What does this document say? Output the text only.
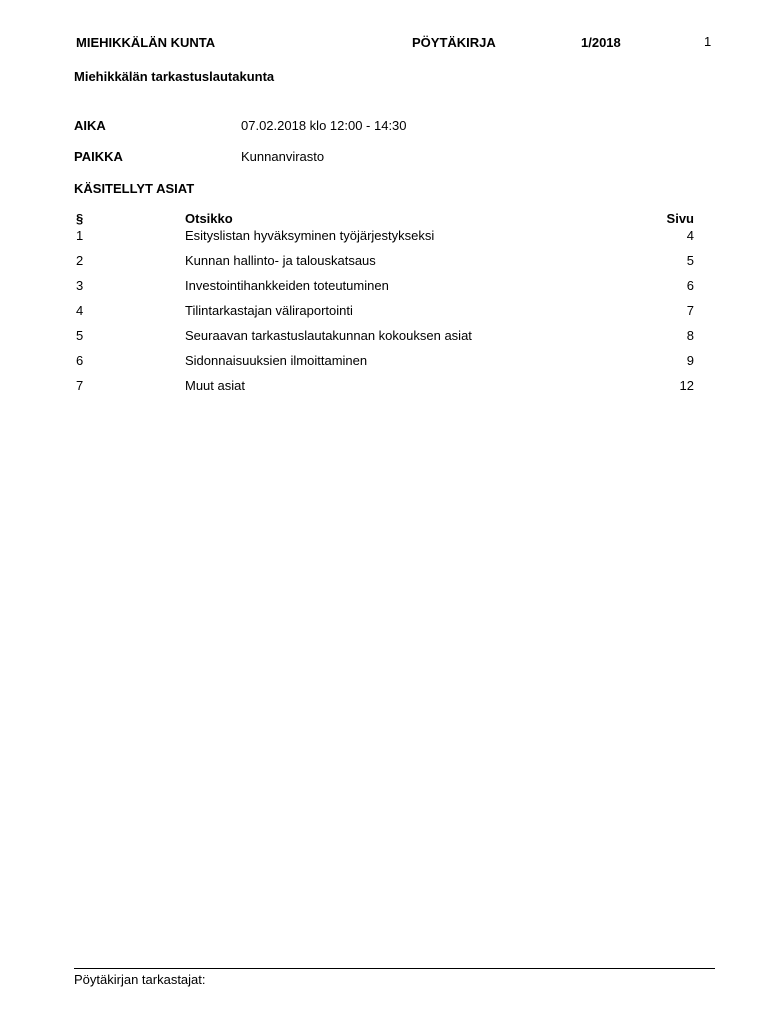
MIEHIKKÄLÄN KUNTA	PÖYTÄKIRJA	1/2018	1
Miehikkälän tarkastuslautakunta
AIKA	07.02.2018 klo 12:00 - 14:30
PAIKKA	Kunnanvirasto
KÄSITELLYT ASIAT
§	Otsikko	Sivu
1	Esityslistan hyväksyminen työjärjestykseksi	4
2	Kunnan hallinto- ja talouskatsaus	5
3	Investointihankkeiden toteutuminen	6
4	Tilintarkastajan väliraportointi	7
5	Seuraavan tarkastuslautakunnan kokouksen asiat	8
6	Sidonnaisuuksien ilmoittaminen	9
7	Muut asiat	12
Pöytäkirjan tarkastajat:
